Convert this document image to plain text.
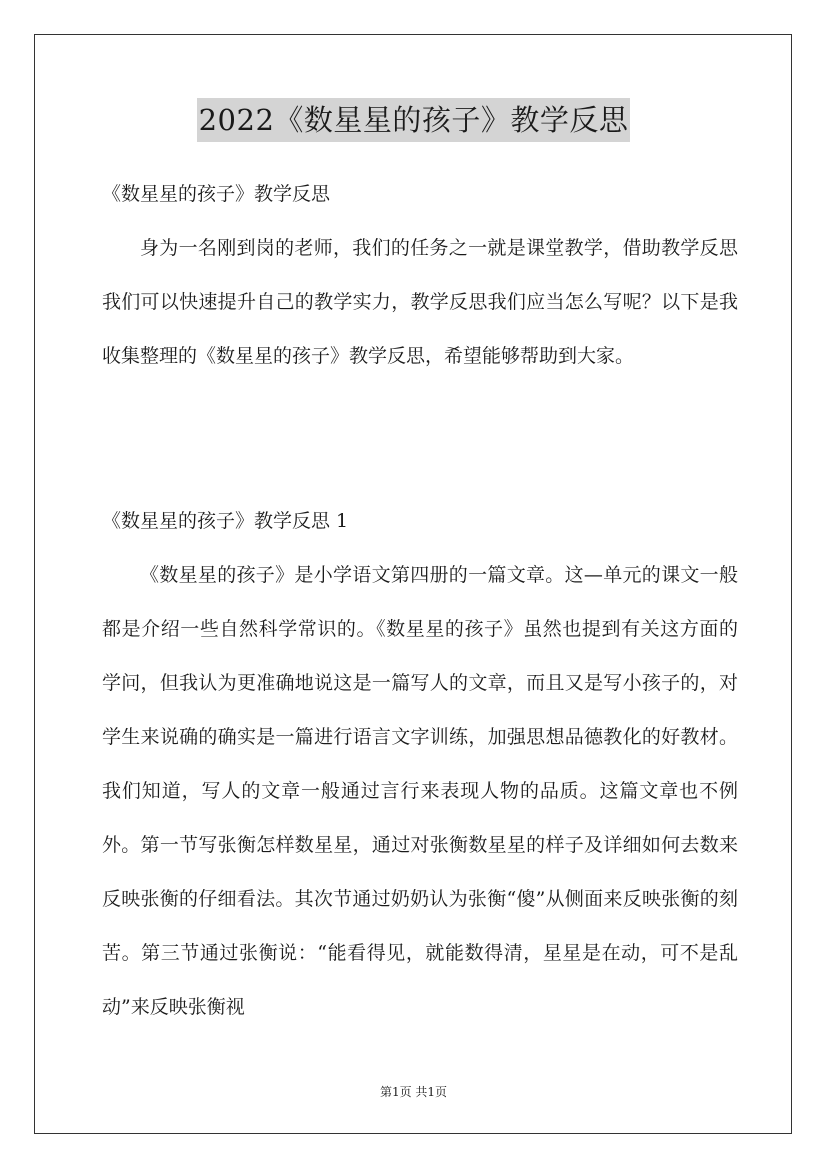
2022《数星星的孩子》教学反思

《数星星的孩子》教学反思

身为一名刚到岗的老师，我们的任务之一就是课堂教学，借助教学反思我们可以快速提升自己的教学实力，教学反思我们应当怎么写呢？以下是我收集整理的《数星星的孩子》教学反思，希望能够帮助到大家。

《数星星的孩子》教学反思 1

《数星星的孩子》是小学语文第四册的一篇文章。这—单元的课文一般都是介绍一些自然科学常识的。《数星星的孩子》虽然也提到有关这方面的学问，但我认为更准确地说这是一篇写人的文章，而且又是写小孩子的，对学生来说确的确实是一篇进行语言文字训练，加强思想品德教化的好教材。我们知道，写人的文章一般通过言行来表现人物的品质。这篇文章也不例外。第一节写张衡怎样数星星，通过对张衡数星星的样子及详细如何去数来反映张衡的仔细看法。其次节通过奶奶认为张衡“傻”从侧面来反映张衡的刻苦。第三节通过张衡说：“能看得见，就能数得清，星星是在动，可不是乱动”来反映张衡视

第1页 共1页
